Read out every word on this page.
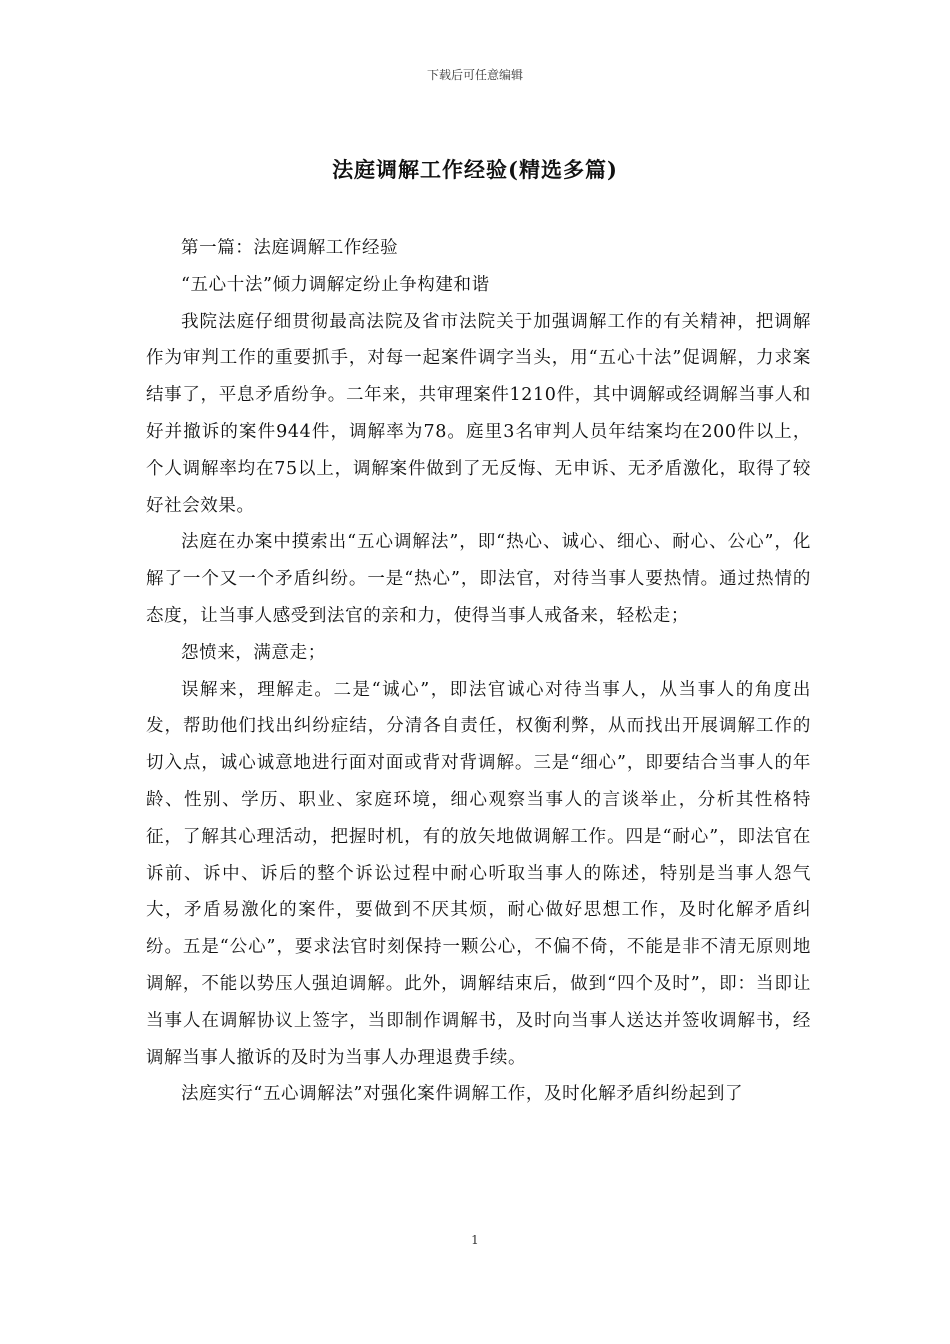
下载后可任意编辑
法庭调解工作经验(精选多篇)

第一篇：法庭调解工作经验

“五心十法”倾力调解定纷止争构建和谐

我院法庭仔细贯彻最高法院及省市法院关于加强调解工作的有关精神，把调解作为审判工作的重要抓手，对每一起案件调字当头，用“五心十法”促调解，力求案结事了，平息矛盾纷争。二年来，共审理案件1210件，其中调解或经调解当事人和好并撤诉的案件944件，调解率为78。庭里3名审判人员年结案均在200件以上，个人调解率均在75以上，调解案件做到了无反悔、无申诉、无矛盾激化，取得了较好社会效果。

法庭在办案中摸索出“五心调解法”，即“热心、诚心、细心、耐心、公心”，化解了一个又一个矛盾纠纷。一是“热心”，即法官，对待当事人要热情。通过热情的态度，让当事人感受到法官的亲和力，使得当事人戒备来，轻松走；

怨愤来，满意走；

误解来，理解走。二是“诚心”，即法官诚心对待当事人，从当事人的角度出发，帮助他们找出纠纷症结，分清各自责任，权衡利弊，从而找出开展调解工作的切入点，诚心诚意地进行面对面或背对背调解。三是“细心”，即要结合当事人的年龄、性别、学历、职业、家庭环境，细心观察当事人的言谈举止，分析其性格特征，了解其心理活动，把握时机，有的放矢地做调解工作。四是“耐心”，即法官在诉前、诉中、诉后的整个诉讼过程中耐心听取当事人的陈述，特别是当事人怨气大，矛盾易激化的案件，要做到不厌其烦，耐心做好思想工作，及时化解矛盾纠纷。五是“公心”，要求法官时刻保持一颗公心，不偏不倚，不能是非不清无原则地调解，不能以势压人强迫调解。此外，调解结束后，做到“四个及时”，即：当即让当事人在调解协议上签字，当即制作调解书，及时向当事人送达并签收调解书，经调解当事人撤诉的及时为当事人办理退费手续。

法庭实行“五心调解法”对强化案件调解工作，及时化解矛盾纠纷起到了

1
